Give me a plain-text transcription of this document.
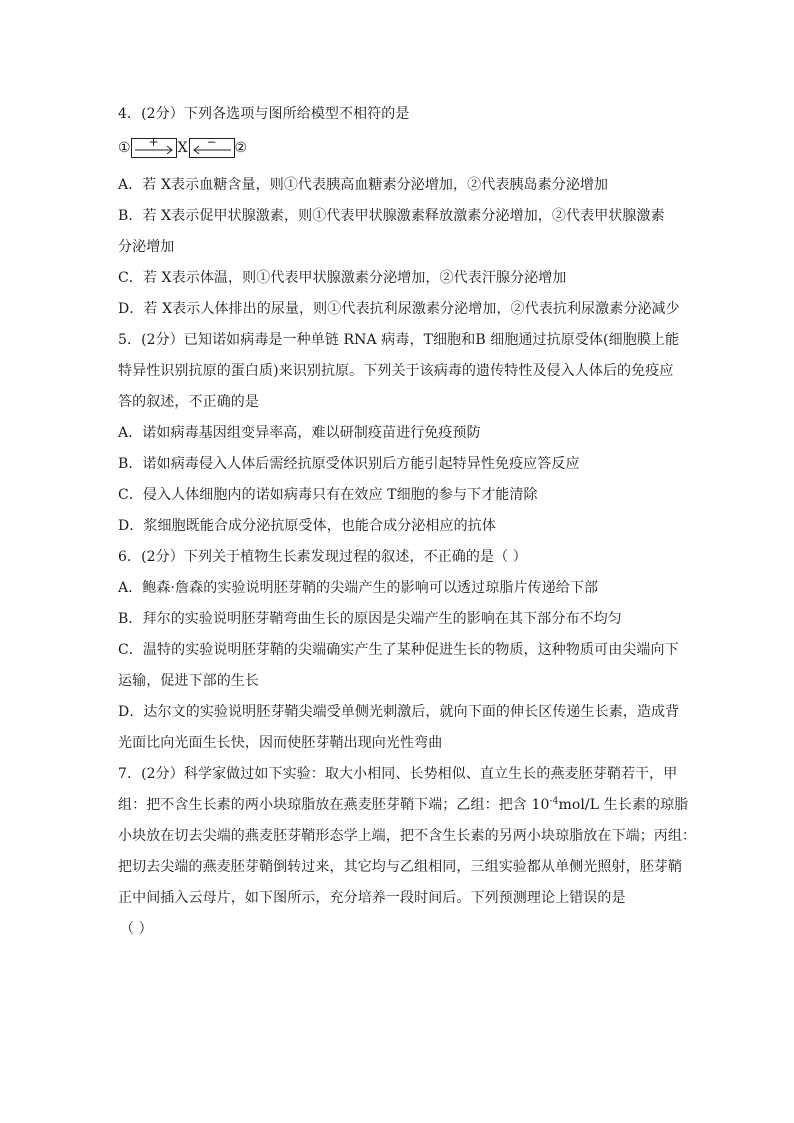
4．(2分）下列各选项与图所给模型不相符的是
①	+	X	−	②
A．若 X表示血糖含量，则①代表胰高血糖素分泌增加，②代表胰岛素分泌增加
B．若 X表示促甲状腺激素，则①代表甲状腺激素释放激素分泌增加，②代表甲状腺激素
分泌增加
C．若 X表示体温，则①代表甲状腺激素分泌增加，②代表汗腺分泌增加
D．若 X表示人体排出的尿量，则①代表抗利尿激素分泌增加，②代表抗利尿激素分泌减少
5．(2分）已知诺如病毒是一种单链 RNA 病毒，T细胞和B 细胞通过抗原受体(细胞膜上能
特异性识别抗原的蛋白质)来识别抗原。下列关于该病毒的遗传特性及侵入人体后的免疫应
答的叙述，不正确的是
A．诺如病毒基因组变异率高，难以研制疫苗进行免疫预防
B．诺如病毒侵入人体后需经抗原受体识别后方能引起特异性免疫应答反应
C．侵入人体细胞内的诺如病毒只有在效应 T细胞的参与下才能清除
D．浆细胞既能合成分泌抗原受体，也能合成分泌相应的抗体
6．(2分）下列关于植物生长素发现过程的叙述，不正确的是（ ）
A．鲍森·詹森的实验说明胚芽鞘的尖端产生的影响可以透过琼脂片传递给下部
B．拜尔的实验说明胚芽鞘弯曲生长的原因是尖端产生的影响在其下部分布不均匀
C．温特的实验说明胚芽鞘的尖端确实产生了某种促进生长的物质，这种物质可由尖端向下
运输，促进下部的生长
D．达尔文的实验说明胚芽鞘尖端受单侧光刺激后，就向下面的伸长区传递生长素，造成背
光面比向光面生长快，因而使胚芽鞘出现向光性弯曲
7．(2分）科学家做过如下实验：取大小相同、长势相似、直立生长的燕麦胚芽鞘若干，甲
组：把不含生长素的两小块琼脂放在燕麦胚芽鞘下端；乙组：把含 $10^{-4}mol/L$ 生长素的琼脂
小块放在切去尖端的燕麦胚芽鞘形态学上端，把不含生长素的另两小块琼脂放在下端；丙组：
把切去尖端的燕麦胚芽鞘倒转过来，其它均与乙组相同，三组实验都从单侧光照射，胚芽鞘
正中间插入云母片，如下图所示，充分培养一段时间后。下列预测理论上错误的是
（ ）
